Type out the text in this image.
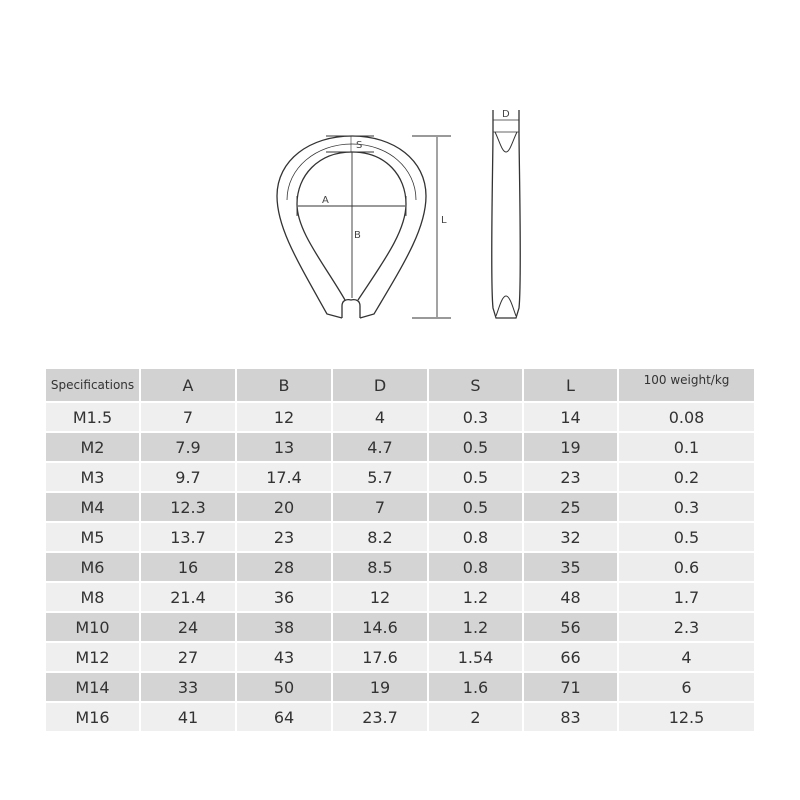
S
A
B
L
D
Specifications	A	B	D	S	L	100 weight/kg
M1.5	7	12	4	0.3	14	0.08
M2	7.9	13	4.7	0.5	19	0.1
M3	9.7	17.4	5.7	0.5	23	0.2
M4	12.3	20	7	0.5	25	0.3
M5	13.7	23	8.2	0.8	32	0.5
M6	16	28	8.5	0.8	35	0.6
M8	21.4	36	12	1.2	48	1.7
M10	24	38	14.6	1.2	56	2.3
M12	27	43	17.6	1.54	66	4
M14	33	50	19	1.6	71	6
M16	41	64	23.7	2	83	12.5
